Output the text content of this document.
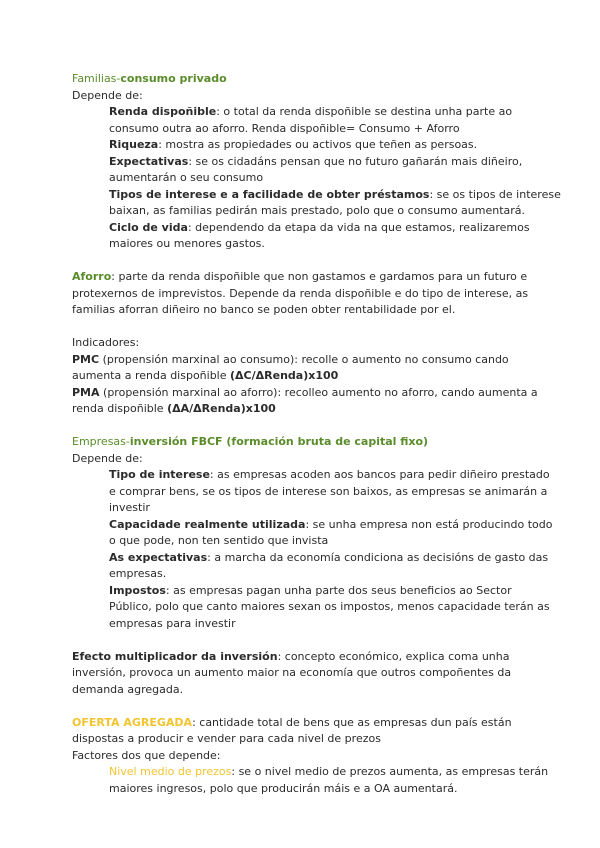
Familias-consumo privado
Depende de:
Renda dispoñible: o total da renda dispoñible se destina unha parte ao
consumo outra ao aforro. Renda dispoñible= Consumo + Aforro
Riqueza: mostra as propiedades ou activos que teñen as persoas.
Expectativas: se os cidadáns pensan que no futuro gañarán mais diñeiro,
aumentarán o seu consumo
Tipos de interese e a facilidade de obter préstamos: se os tipos de interese
baixan, as familias pedirán mais prestado, polo que o consumo aumentará.
Ciclo de vida: dependendo da etapa da vida na que estamos, realizaremos
maiores ou menores gastos.
Aforro: parte da renda dispoñible que non gastamos e gardamos para un futuro e
protexernos de imprevistos. Depende da renda dispoñible e do tipo de interese, as
familias aforran diñeiro no banco se poden obter rentabilidade por el.
Indicadores:
PMC (propensión marxinal ao consumo): recolle o aumento no consumo cando
aumenta a renda dispoñible (ΔC/ΔRenda)x100
PMA (propensión marxinal ao aforro): recolleo aumento no aforro, cando aumenta a
renda dispoñible (ΔA/ΔRenda)x100
Empresas-inversión FBCF (formación bruta de capital fixo)
Depende de:
Tipo de interese: as empresas acoden aos bancos para pedir diñeiro prestado
e comprar bens, se os tipos de interese son baixos, as empresas se animarán a
investir
Capacidade realmente utilizada: se unha empresa non está producindo todo
o que pode, non ten sentido que invista
As expectativas: a marcha da economía condiciona as decisións de gasto das
empresas.
Impostos: as empresas pagan unha parte dos seus beneficios ao Sector
Público, polo que canto maiores sexan os impostos, menos capacidade terán as
empresas para investir
Efecto multiplicador da inversión: concepto económico, explica coma unha
inversión, provoca un aumento maior na economía que outros compoñentes da
demanda agregada.
OFERTA AGREGADA: cantidade total de bens que as empresas dun país están
dispostas a producir e vender para cada nivel de prezos
Factores dos que depende:
Nivel medio de prezos: se o nivel medio de prezos aumenta, as empresas terán
maiores ingresos, polo que producirán máis e a OA aumentará.
